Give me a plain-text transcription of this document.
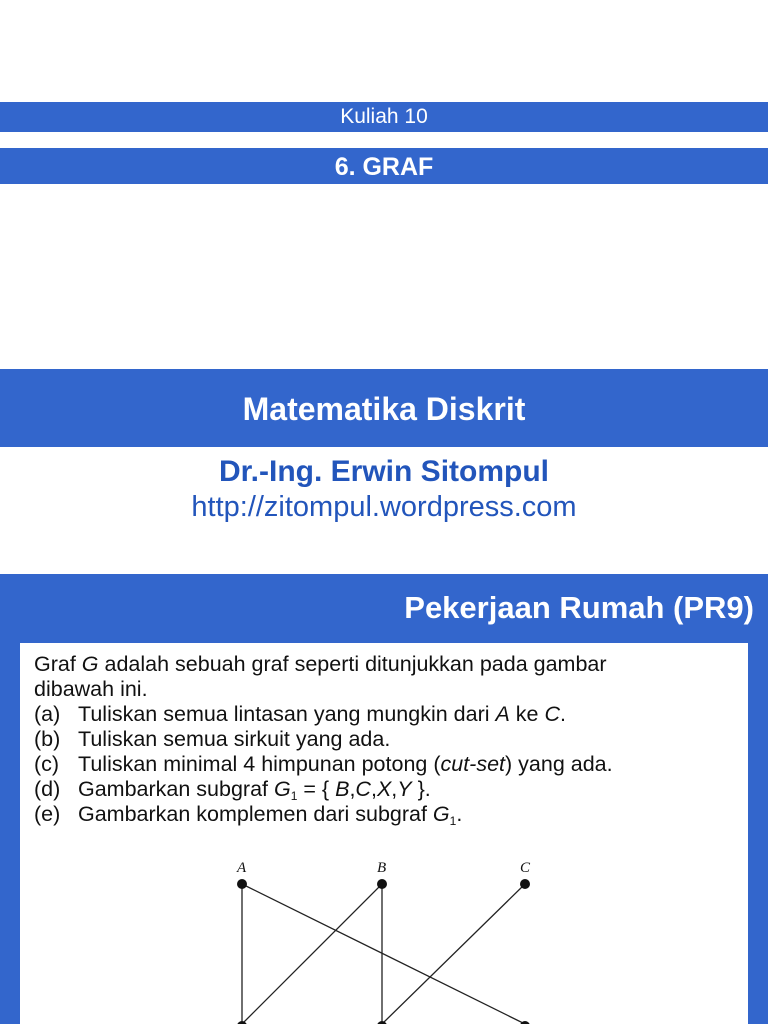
Kuliah 10
6. GRAF
Matematika Diskrit
Dr.-Ing. Erwin Sitompul
http://zitompul.wordpress.com
Pekerjaan Rumah (PR9)
Graf G adalah sebuah graf seperti ditunjukkan pada gambar
dibawah ini.
(a) Tuliskan semua lintasan yang mungkin dari A ke C.
(b) Tuliskan semua sirkuit yang ada.
(c) Tuliskan minimal 4 himpunan potong (cut-set) yang ada.
(d) Gambarkan subgraf $G_1$ = { B,C,X,Y }.
(e) Gambarkan komplemen dari subgraf $G_1$.
A	B	C
